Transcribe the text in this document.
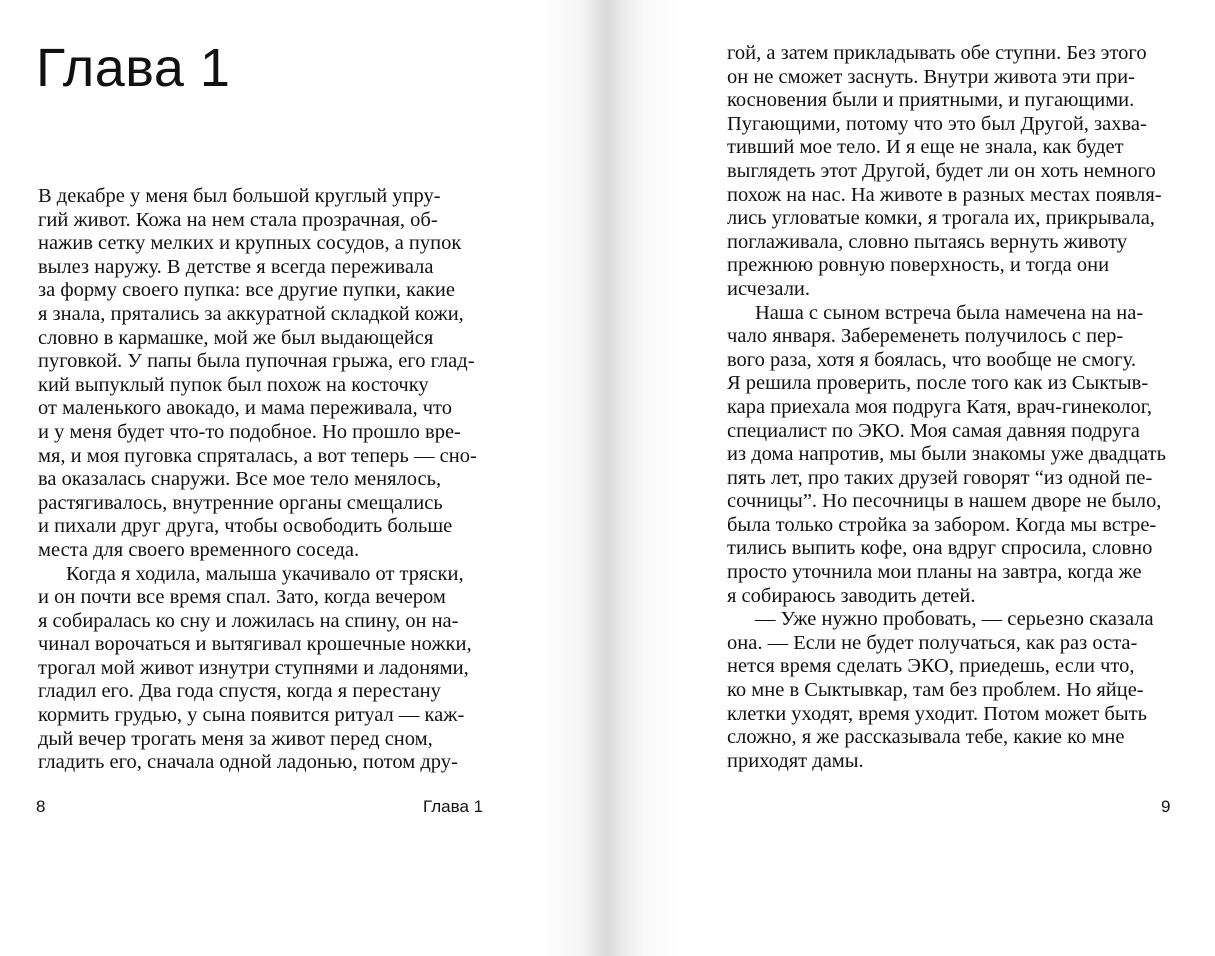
Глава 1
В декабре у меня был большой круглый упру-
гий живот. Кожа на нем стала прозрачная, об-
нажив сетку мелких и крупных сосудов, а пупок
вылез наружу. В детстве я всегда переживала
за форму своего пупка: все другие пупки, какие
я знала, прятались за аккуратной складкой кожи,
словно в кармашке, мой же был выдающейся
пуговкой. У папы была пупочная грыжа, его глад-
кий выпуклый пупок был похож на косточку
от маленького авокадо, и мама переживала, что
и у меня будет что-то подобное. Но прошло вре-
мя, и моя пуговка спряталась, а вот теперь — сно-
ва оказалась снаружи. Все мое тело менялось,
растягивалось, внутренние органы смещались
и пихали друг друга, чтобы освободить больше
места для своего временного соседа.
Когда я ходила, малыша укачивало от тряски,
и он почти все время спал. Зато, когда вечером
я собиралась ко сну и ложилась на спину, он на-
чинал ворочаться и вытягивал крошечные ножки,
трогал мой живот изнутри ступнями и ладонями,
гладил его. Два года спустя, когда я перестану
кормить грудью, у сына появится ритуал — каж-
дый вечер трогать меня за живот перед сном,
гладить его, сначала одной ладонью, потом дру-
гой, а затем прикладывать обе ступни. Без этого
он не сможет заснуть. Внутри живота эти при-
косновения были и приятными, и пугающими.
Пугающими, потому что это был Другой, захва-
тивший мое тело. И я еще не знала, как будет
выглядеть этот Другой, будет ли он хоть немного
похож на нас. На животе в разных местах появля-
лись угловатые комки, я трогала их, прикрывала,
поглаживала, словно пытаясь вернуть животу
прежнюю ровную поверхность, и тогда они
исчезали.
Наша с сыном встреча была намечена на на-
чало января. Забеременеть получилось с пер-
вого раза, хотя я боялась, что вообще не смогу.
Я решила проверить, после того как из Сыктыв-
кара приехала моя подруга Катя, врач-гинеколог,
специалист по ЭКО. Моя самая давняя подруга
из дома напротив, мы были знакомы уже двадцать
пять лет, про таких друзей говорят “из одной пе-
сочницы”. Но песочницы в нашем дворе не было,
была только стройка за забором. Когда мы встре-
тились выпить кофе, она вдруг спросила, словно
просто уточнила мои планы на завтра, когда же
я собираюсь заводить детей.
— Уже нужно пробовать, — серьезно сказала
она. — Если не будет получаться, как раз оста-
нется время сделать ЭКО, приедешь, если что,
ко мне в Сыктывкар, там без проблем. Но яйце-
клетки уходят, время уходит. Потом может быть
сложно, я же рассказывала тебе, какие ко мне
приходят дамы.
8	Глава 1	9
